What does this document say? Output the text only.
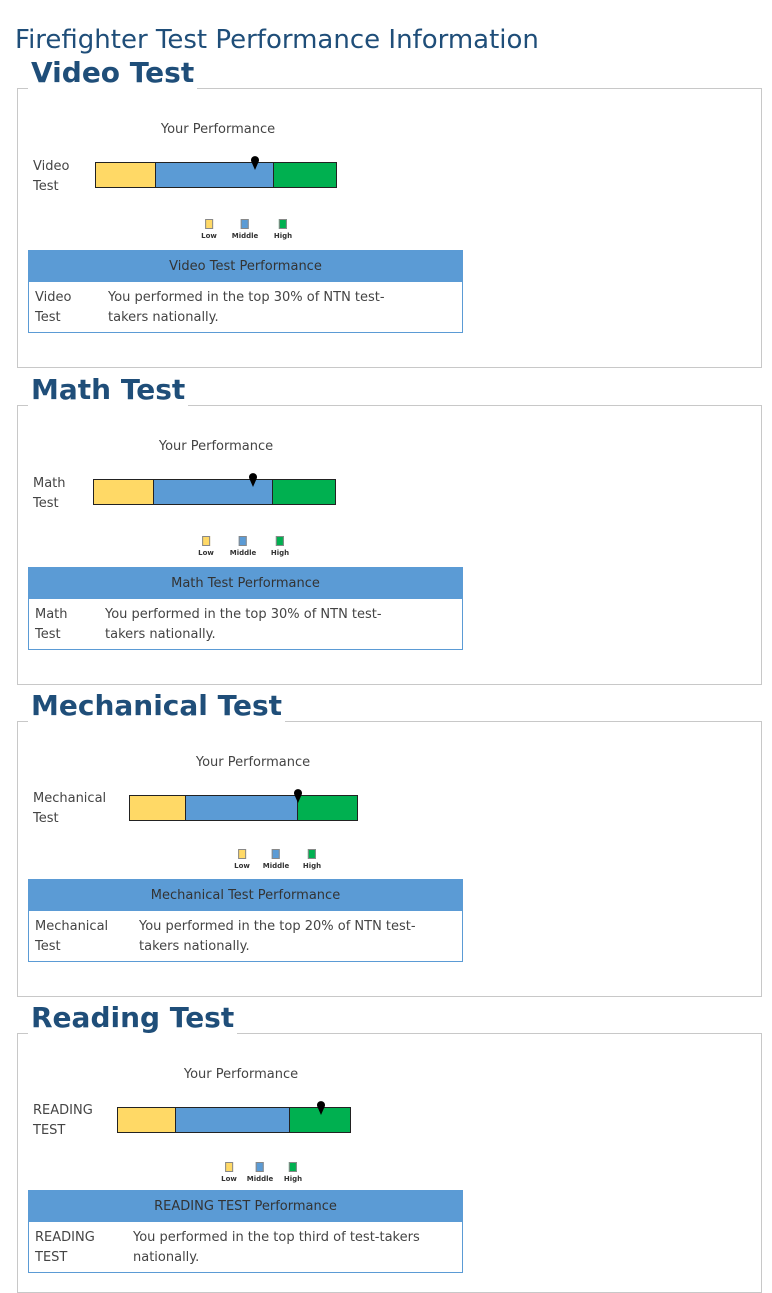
Firefighter Test Performance Information
Video Test
Your Performance
Video
Test
Low Middle High
Video Test Performance
Video
Test
You performed in the top 30% of NTN test-takers nationally.
Math Test
Your Performance
Math
Test
Low Middle High
Math Test Performance
Math
Test
You performed in the top 30% of NTN test-takers nationally.
Mechanical Test
Your Performance
Mechanical
Test
Low Middle High
Mechanical Test Performance
Mechanical
Test
You performed in the top 20% of NTN test-takers nationally.
Reading Test
Your Performance
READING
TEST
Low Middle High
READING TEST Performance
READING
TEST
You performed in the top third of test-takers nationally.
